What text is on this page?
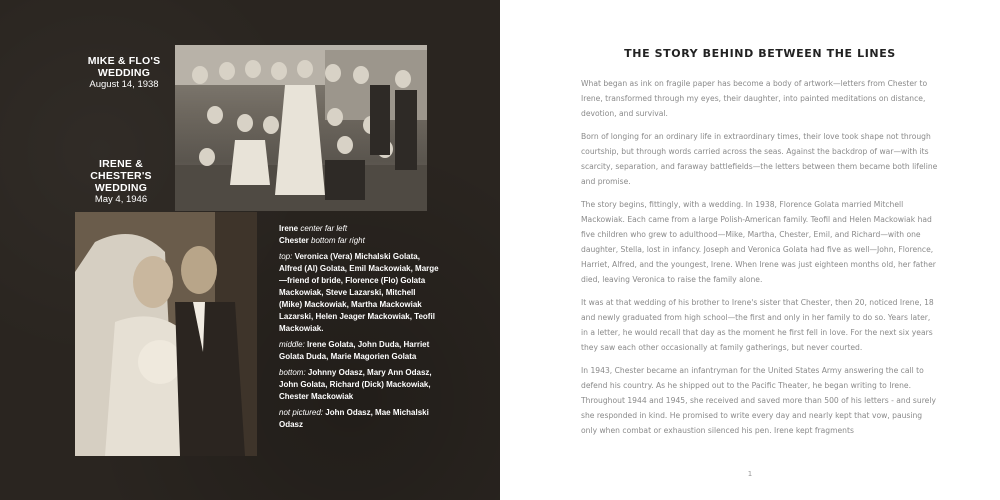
MIKE & FLO'S
WEDDING
August 14, 1938
IRENE &
CHESTER'S
WEDDING
May 4, 1946

Irene center far left
Chester bottom far right

top: Veronica (Vera) Michalski Golata, Alfred (Al) Golata, Emil Mackowiak, Marge—friend of bride, Florence (Flo) Golata Mackowiak, Steve Lazarski, Mitchell (Mike) Mackowiak, Martha Mackowiak Lazarski, Helen Jeager Mackowiak, Teofil Mackowiak.

middle: Irene Golata, John Duda, Harriet Golata Duda, Marie Magorien Golata

bottom: Johnny Odasz, Mary Ann Odasz, John Golata, Richard (Dick) Mackowiak, Chester Mackowiak

not pictured: John Odasz, Mae Michalski Odasz

THE STORY BEHIND BETWEEN THE LINES

What began as ink on fragile paper has become a body of artwork—letters from Chester to Irene, transformed through my eyes, their daughter, into painted meditations on distance, devotion, and survival.

Born of longing for an ordinary life in extraordinary times, their love took shape not through courtship, but through words carried across the seas. Against the backdrop of war—with its scarcity, separation, and faraway battlefields—the letters between them became both lifeline and promise.

The story begins, fittingly, with a wedding. In 1938, Florence Golata married Mitchell Mackowiak. Each came from a large Polish-American family. Teofil and Helen Mackowiak had five children who grew to adulthood—Mike, Martha, Chester, Emil, and Richard—with one daughter, Stella, lost in infancy. Joseph and Veronica Golata had five as well—John, Florence, Harriet, Alfred, and the youngest, Irene. When Irene was just eighteen months old, her father died, leaving Veronica to raise the family alone.

It was at that wedding of his brother to Irene's sister that Chester, then 20, noticed Irene, 18 and newly graduated from high school—the first and only in her family to do so. Years later, in a letter, he would recall that day as the moment he first fell in love. For the next six years they saw each other occasionally at family gatherings, but never courted.

In 1943, Chester became an infantryman for the United States Army answering the call to defend his country. As he shipped out to the Pacific Theater, he began writing to Irene. Throughout 1944 and 1945, she received and saved more than 500 of his letters - and surely she responded in kind. He promised to write every day and nearly kept that vow, pausing only when combat or exhaustion silenced his pen. Irene kept fragments

1
